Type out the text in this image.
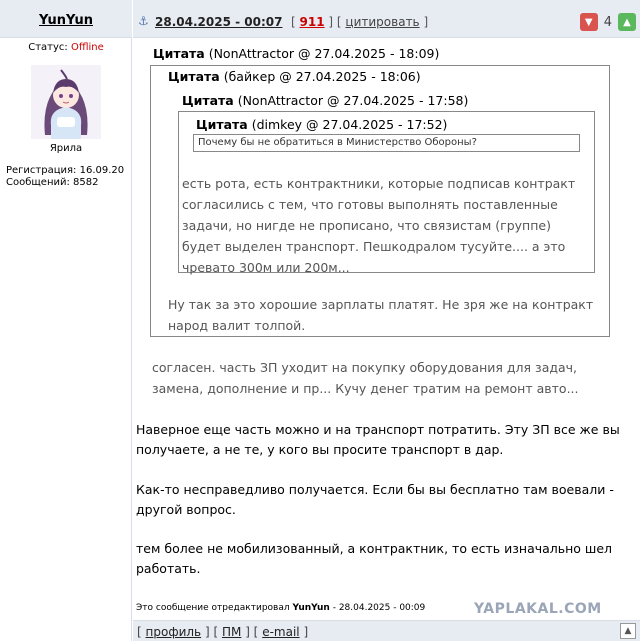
YunYun
Статус: Offline
Ярила
Регистрация: 16.09.20
Сообщений: 8582
⚓ 28.04.2025 - 00:07 [ 911 ] [ цитировать ]	▼ 4	▲
Цитата (NonAttractor @ 27.04.2025 - 18:09)
Цитата (байкер @ 27.04.2025 - 18:06)
Цитата (NonAttractor @ 27.04.2025 - 17:58)
Цитата (dimkey @ 27.04.2025 - 17:52)
Почему бы не обратиться в Министерство Обороны?
есть рота, есть контрактники, которые подписав контракт согласились с тем, что готовы выполнять поставленные задачи, но нигде не прописано, что связистам (группе) будет выделен транспорт. Пешкодралом тусуйте.... а это чревато 300м или 200м...
Ну так за это хорошие зарплаты платят. Не зря же на контракт народ валит толпой.
согласен. часть ЗП уходит на покупку оборудования для задач, замена, дополнение и пр... Кучу денег тратим на ремонт авто...
Наверное еще часть можно и на транспорт потратить. Эту ЗП все же вы получаете, а не те, у кого вы просите транспорт в дар.
Как-то несправедливо получается. Если бы вы бесплатно там воевали - другой вопрос.
тем более не мобилизованный, а контрактник, то есть изначально шел работать.
Это сообщение отредактировал YunYun - 28.04.2025 - 00:09	YAPLAKAL.COM
[ профиль ] [ ПМ ] [ e-mail ]	▲
